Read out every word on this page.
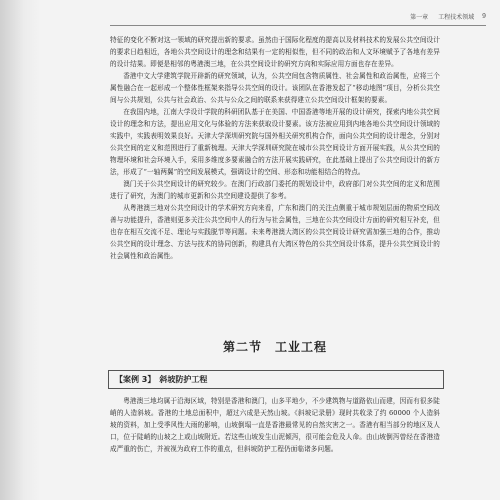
第一章 工程技术领域 9

特征的变化不断对这一领域的研究提出新的要求。虽然由于国际化程度的提高以及材料技术的发展公共空间设计的要求日趋相近，各地公共空间设计的理念和结果有一定的相似性，但不同的政治和人文环境赋予了各地有差异的设计结果。即便是相邻的粤港澳三地，在公共空间设计的研究方向和实际应用方面也存在差异。

香港中文大学建筑学院开辟新的研究领域，认为，公共空间包含物质属性、社会属性和政治属性，应将三个属性融合在一起形成一个整体性框架来指导公共空间的设计。该团队在香港发起了“移动地图”项目，分析公共空间与公共规划，公共与社会政治、公共与公众之间的联系来获得建立公共空间设计框架的要素。

在我国内地，江南大学设计学院的科研团队基于在美国、中国香港等地开展的设计研究，探索内地公共空间设计的理念和方法，提出应用文化与体验的方法来获取设计要素。该方法被应用到内地各地公共空间设计领域的实践中，实践表明效果良好。天津大学深圳研究院与国外相关研究机构合作，面向公共空间的设计理念，分别对公共空间的定义和范围进行了重新梳理。天津大学深圳研究院在城市公共空间设计方面开展实践，从公共空间的物理环境和社会环境入手，采用多维度多要素融合的方法开展实践研究，在此基础上提出了公共空间设计的新方法，形成了“一轴两翼”的空间发展模式，强调设计的空间、形态和功能相结合的特点。

澳门关于公共空间设计的研究较少。在澳门行政部门委托的规划设计中，政府部门对公共空间的定义和范围进行了研究，为澳门的城市更新和公共空间建设提供了参考。

从粤港澳三地对公共空间设计的学术研究方向来看，广东和澳门的关注点侧重于城市规划层面的物质空间改善与功能提升，香港则更多关注公共空间中人的行为与社会属性，三地在公共空间设计方面的研究相互补充，但也存在相互交流不足、理论与实践脱节等问题。未来粤港澳大湾区的公共空间设计研究需加强三地的合作，推动公共空间的设计理念、方法与技术的协同创新，构建具有大湾区特色的公共空间设计体系，提升公共空间设计的社会属性和政治属性。

第二节　工业工程
【案例 3】 斜坡防护工程

粤港澳三地均属于沿海区域，特别是香港和澳门，山多平地少，不少建筑物与道路依山而建，因而有很多陡峭的人造斜坡。香港的土地总面积中，超过六成是天然山坡。《斜坡记录册》现时共收录了约 60000 个人造斜坡的资料，加上受季风性大雨的影响，山坡倒塌一直是香港最常见的自然灾害之一。香港有相当部分的地区及人口，位于陡峭的山坡之上或山坡附近。若这些山坡发生山泥倾泻，很可能会危及人命。由山坡倒泻曾经在香港造成严重的伤亡，并被视为政府工作的重点，但斜坡防护工程仍面临诸多问题。
